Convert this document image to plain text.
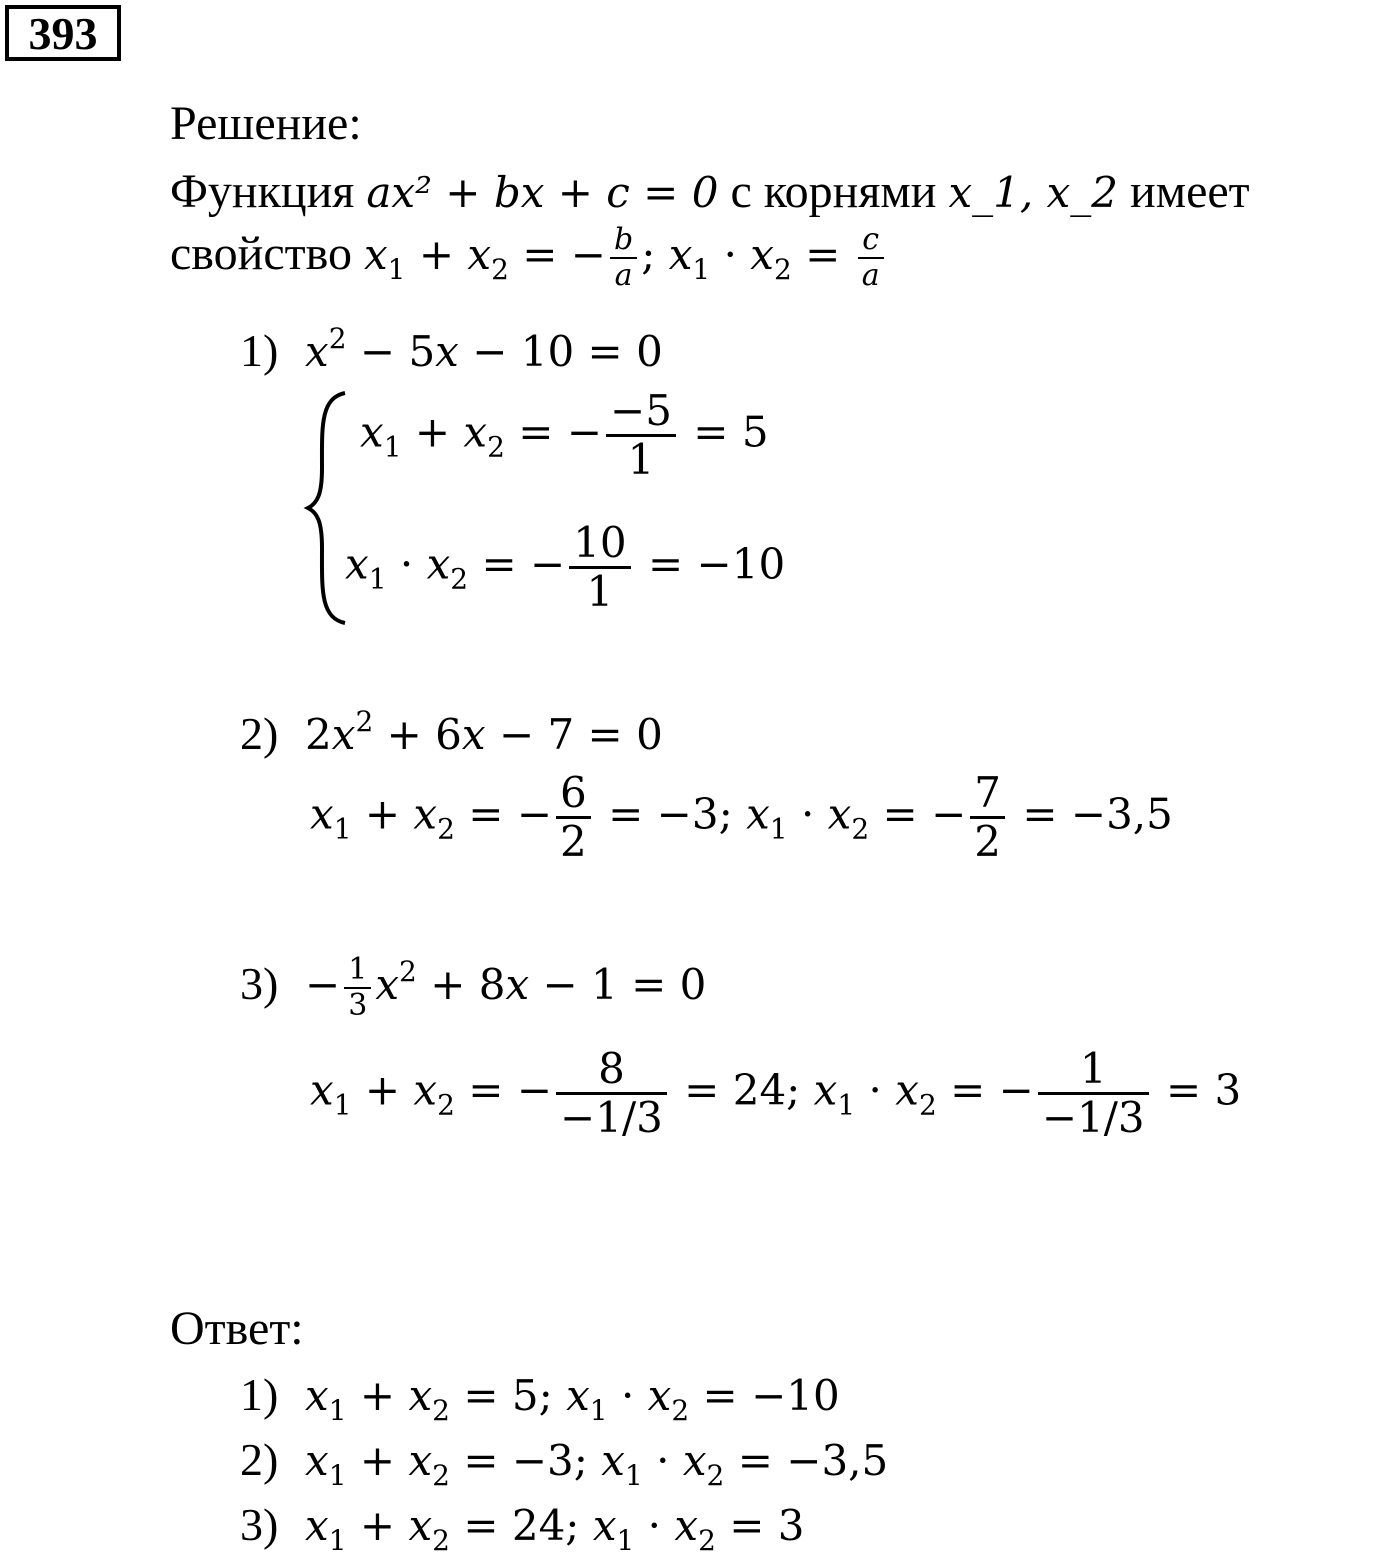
393
Решение:
Функция ax² + bx + c = 0 с корнями x_1, x_2 имеет
свойство $x_1 + x_2$ = − $\frac{b}{a}$ ; $x_1 \cdot x_2 = \frac{c}{a}$
1) $x^2 - 5x - 10 = 0$
$x_1 + x_2$ = − $\frac{-5}{1} = 5$
$x_1 \cdot x_2$ = − $\frac{10}{1} = -10$
2)  $2x^2 + 6x - 7 = 0$
$x_1 + x_2$ = − $\frac{6}{2} = -3$; $x_1 \cdot x_2$ = − $\frac{7}{2} = -3,5$
$3) - \frac{1}{3} x^2 + 8x - 1 = 0$
$x_1 + x_2$ = − $\frac{8}{-1/3} = 24$; $x_1 \cdot x_2$ = − $\frac{1}{-1/3} = 3$
Ответ:
1) $x_1 + x_2 = 5$; $x_1 \cdot x_2 = -10$
2) $x_1 + x_2 = -3$; $x_1 \cdot x_2 = -3,5$
3) $x_1 + x_2 = 24$; $x_1 \cdot x_2 = 3$
